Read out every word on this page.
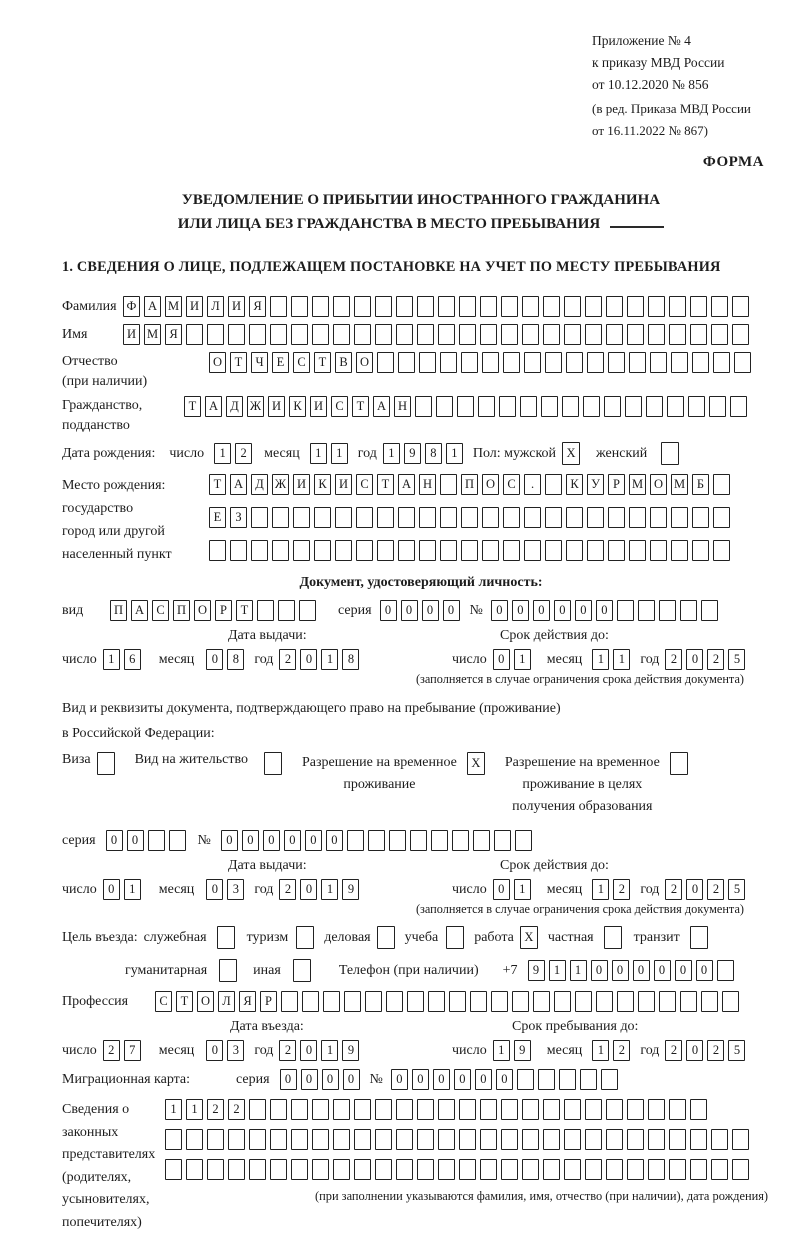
Приложение № 4
к приказу МВД России
от 10.12.2020 № 856
(в ред. Приказа МВД России
от 16.11.2022 № 867)
ФОРМА
УВЕДОМЛЕНИЕ О ПРИБЫТИИ ИНОСТРАННОГО ГРАЖДАНИНА
ИЛИ ЛИЦА БЕЗ ГРАЖДАНСТВА В МЕСТО ПРЕБЫВАНИЯ
1. СВЕДЕНИЯ О ЛИЦЕ, ПОДЛЕЖАЩЕМ ПОСТАНОВКЕ НА УЧЕТ ПО МЕСТУ ПРЕБЫВАНИЯ
Фамилия Ф А М И Л И Я
Имя	И М Я
Отчество
(при наличии)
О	Т	Ч	Е	С	Т	В О
Гражданство,
подданство
Т	А Д Ж И К И С	Т	А Н
Дата рождения: число	1	2	месяц	1	1	год 1	9	8	1	Пол: мужской X	женский
Место рождения:
государство
город или другой
населенный пункт
Т	А Д Ж И К И С	Т	А Н	П О С	.	К У	Р М О М Б
Е	З
Документ, удостоверяющий личность:
вид	П А С П О	Р	Т	серия	0	0	0	0	№	0	0	0	0	0	0
Дата выдачи:	Срок действия до:
число 1	6	месяц	0	8	год 2	0	1	8	число 0	1	месяц	1	1	год 2	0	2	5
(заполняется в случае ограничения срока действия документа)
Вид и реквизиты документа, подтверждающего право на пребывание (проживание)
в Российской Федерации:
Виза	Вид на жительство	Разрешение на временное
проживание
X	Разрешение на временное
проживание в целях
получения образования
серия	0	0	№	0	0	0	0	0	0
Дата выдачи:	Срок действия до:
число 0	1	месяц	0	3	год 2	0	1	9	число 0	1	месяц	1	2	год 2	0	2	5
(заполняется в случае ограничения срока действия документа)
Цель въезда: служебная	туризм	деловая учеба	работа X	частная	транзит
гуманитарная	иная	Телефон (при наличии) +7	9	1	1	0	0	0	0	0	0
Профессия	С	Т	О Л	Я	Р
Дата въезда:	Срок пребывания до:
число 2	7	месяц	0	3	год 2	0	1	9	число 1	9	месяц	1	2	год 2	0	2	5
Миграционная карта:	серия	0	0	0	0	№	0	0	0	0	0	0
Сведения о
законных
представителях
(родителях,
усыновителях,
попечителях)
1	1	2	2
(при заполнении указываются фамилия, имя, отчество (при наличии), дата рождения)
